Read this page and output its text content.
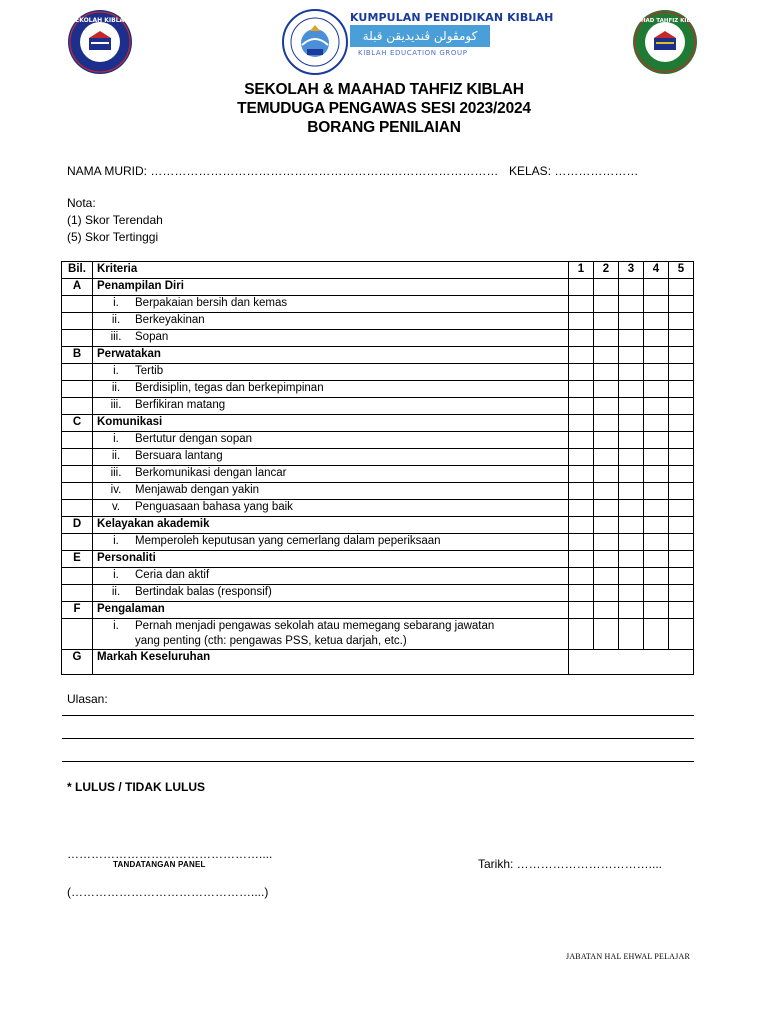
SEKOLAH KIBLAH	KUMPULAN PENDIDIKAN KIBLAH
كومڤولن ڤنديديقن قبلة
KIBLAH EDUCATION GROUP
MAAHAD TAHFIZ KIBLAH
SEKOLAH & MAAHAD TAHFIZ KIBLAH
TEMUDUGA PENGAWAS SESI 2023/2024
BORANG PENILAIAN
NAMA MURID: …………………………………………………………………………… KELAS: …………………
Nota:
(1) Skor Terendah
(5) Skor Tertinggi
Bil.	Kriteria	1	2	3	4	5
A	Penampilan Diri					

	i. Berpakaian bersih dan kemas					

	ii. Berkeyakinan					

	iii. Sopan					

B	Perwatakan					

	i. Tertib					

	ii. Berdisiplin, tegas dan berkepimpinan					

	iii. Berfikiran matang					

C	Komunikasi					

	i. Bertutur dengan sopan					

	ii. Bersuara lantang					

	iii. Berkomunikasi dengan lancar					

	iv. Menjawab dengan yakin					

	v. Penguasaan bahasa yang baik					

D	Kelayakan akademik					

	i. Memperoleh keputusan yang cemerlang dalam peperiksaan					

E	Personaliti					

	i. Ceria dan aktif					

	ii. Bertindak balas (responsif)					

F	Pengalaman					

	i. Pernah menjadi pengawas sekolah atau memegang sebarang jawatan
yang penting (cth: pengawas PSS, ketua darjah, etc.)					

G	Markah Keseluruhan					
Ulasan:
* LULUS / TIDAK LULUS
…………………………………………....
TANDATANGAN PANEL
(………………………………………....)
Tarikh: ……………………………....
JABATAN HAL EHWAL PELAJAR
